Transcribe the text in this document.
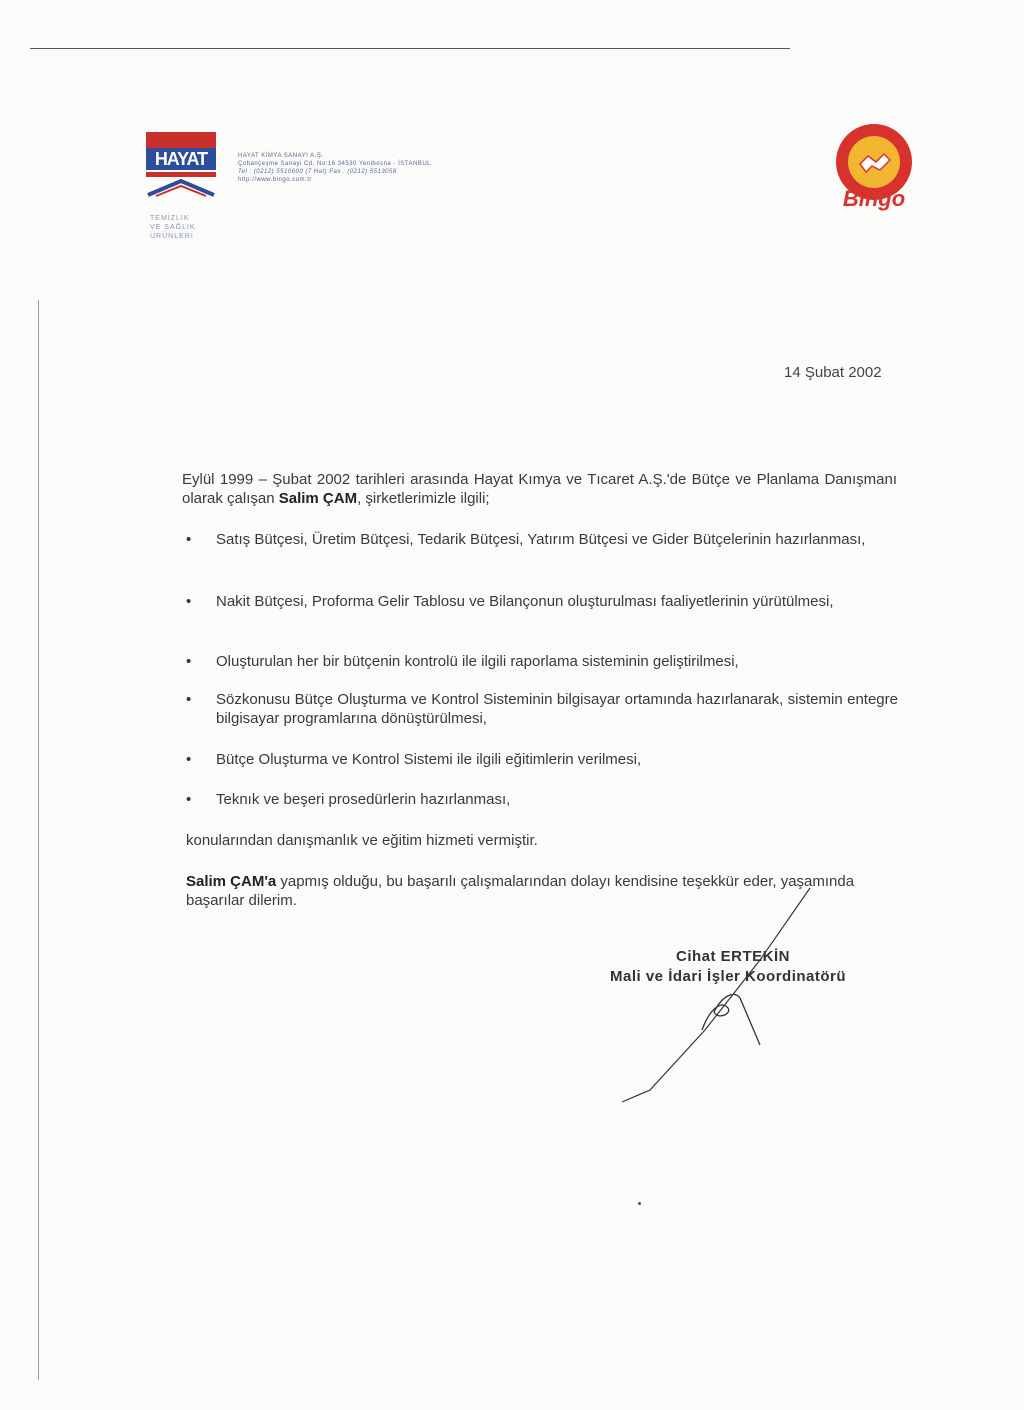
HAYAT
TEMİZLİK
VE SAĞLIK
ÜRÜNLERİ
HAYAT KİMYA SANAYİ A.Ş.
Çobançeşme Sanayi Cd. No:16 34530 Yenibosna - İSTANBUL
Tel : (0212) 5510600 (7 Hat) Fax : (0212) 5513058
http://www.bingo.com.tr
Bingo
14 Şubat 2002
Eylül 1999 – Şubat 2002 tarihleri arasında Hayat Kımya ve Tıcaret A.Ş.'de Bütçe ve Planlama Danışmanı olarak çalışan Salim ÇAM, şirketlerimizle ilgili;
• Satış Bütçesi, Üretim Bütçesi, Tedarik Bütçesi, Yatırım Bütçesi ve Gider Bütçelerinin hazırlanması,
• Nakit Bütçesi, Proforma Gelir Tablosu ve Bilançonun oluşturulması faaliyetlerinin yürütülmesi,
• Oluşturulan her bir bütçenin kontrolü ile ilgili raporlama sisteminin geliştirilmesi,
• Sözkonusu Bütçe Oluşturma ve Kontrol Sisteminin bilgisayar ortamında hazırlanarak, sistemin entegre bilgisayar programlarına dönüştürülmesi,
• Bütçe Oluşturma ve Kontrol Sistemi ile ilgili eğitimlerin verilmesi,
• Teknık ve beşeri prosedürlerin hazırlanması,
konularından danışmanlık ve eğitim hizmeti vermiştir.
Salim ÇAM'a yapmış olduğu, bu başarılı çalışmalarından dolayı kendisine teşekkür eder, yaşamında başarılar dilerim.
Cihat ERTEKİN
Mali ve İdari İşler Koordinatörü
